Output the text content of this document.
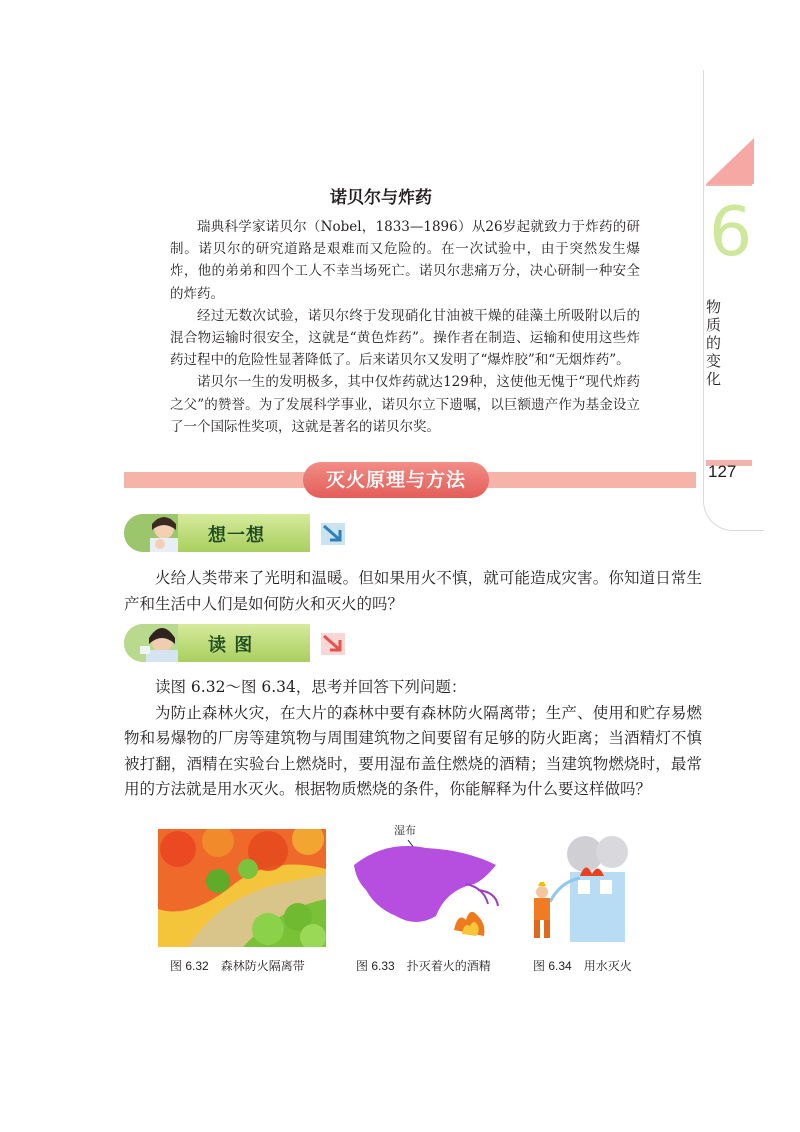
6
物质的变化
127
诺贝尔与炸药

瑞典科学家诺贝尔（Nobel，1833—1896）从26岁起就致力于炸药的研制。诺贝尔的研究道路是艰难而又危险的。在一次试验中，由于突然发生爆炸，他的弟弟和四个工人不幸当场死亡。诺贝尔悲痛万分，决心研制一种安全的炸药。

经过无数次试验，诺贝尔终于发现硝化甘油被干燥的硅藻土所吸附以后的混合物运输时很安全，这就是“黄色炸药”。操作者在制造、运输和使用这些炸药过程中的危险性显著降低了。后来诺贝尔又发明了“爆炸胶”和“无烟炸药”。

诺贝尔一生的发明极多，其中仅炸药就达129种，这使他无愧于“现代炸药之父”的赞誉。为了发展科学事业，诺贝尔立下遗嘱，以巨额遗产作为基金设立了一个国际性奖项，这就是著名的诺贝尔奖。

灭火原理与方法
想一想

火给人类带来了光明和温暖。但如果用火不慎，就可能造成灾害。你知道日常生产和生活中人们是如何防火和灭火的吗？

读 图

读图 6.32～图 6.34，思考并回答下列问题：

为防止森林火灾，在大片的森林中要有森林防火隔离带；生产、使用和贮存易燃物和易爆物的厂房等建筑物与周围建筑物之间要留有足够的防火距离；当酒精灯不慎被打翻，酒精在实验台上燃烧时，要用湿布盖住燃烧的酒精；当建筑物燃烧时，最常用的方法就是用水灭火。根据物质燃烧的条件，你能解释为什么要这样做吗？

图 6.32　森林防火隔离带
湿布
图 6.33　扑灭着火的酒精	图 6.34　用水灭火
